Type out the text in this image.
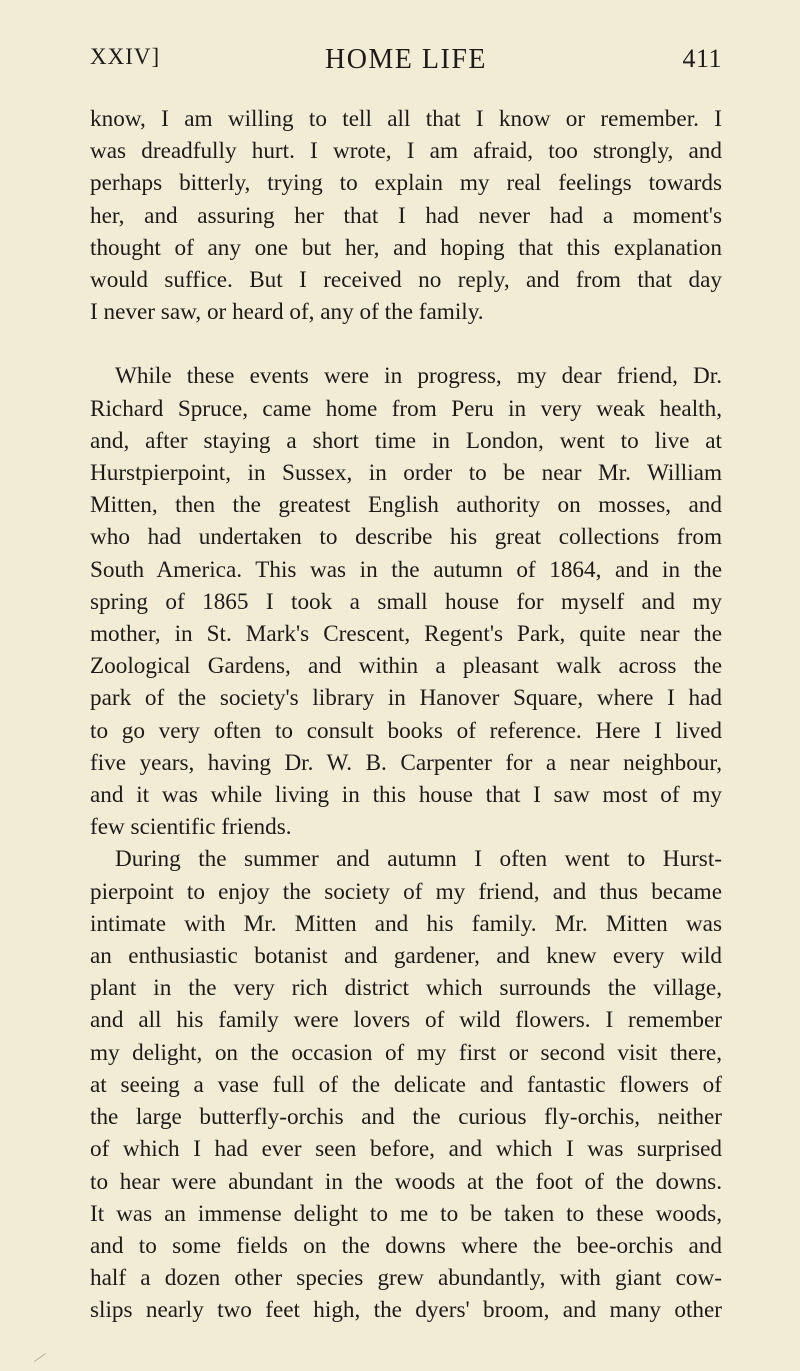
XXIV]	HOME LIFE	411
know, I am willing to tell all that I know or remember. I
was dreadfully hurt. I wrote, I am afraid, too strongly, and
perhaps bitterly, trying to explain my real feelings towards
her, and assuring her that I had never had a moment's
thought of any one but her, and hoping that this explanation
would suffice. But I received no reply, and from that day
I never saw, or heard of, any of the family.
While these events were in progress, my dear friend, Dr.
Richard Spruce, came home from Peru in very weak health,
and, after staying a short time in London, went to live at
Hurstpierpoint, in Sussex, in order to be near Mr. William
Mitten, then the greatest English authority on mosses, and
who had undertaken to describe his great collections from
South America. This was in the autumn of 1864, and in the
spring of 1865 I took a small house for myself and my
mother, in St. Mark's Crescent, Regent's Park, quite near the
Zoological Gardens, and within a pleasant walk across the
park of the society's library in Hanover Square, where I had
to go very often to consult books of reference. Here I lived
five years, having Dr. W. B. Carpenter for a near neighbour,
and it was while living in this house that I saw most of my
few scientific friends.
During the summer and autumn I often went to Hurst-
pierpoint to enjoy the society of my friend, and thus became
intimate with Mr. Mitten and his family. Mr. Mitten was
an enthusiastic botanist and gardener, and knew every wild
plant in the very rich district which surrounds the village,
and all his family were lovers of wild flowers. I remember
my delight, on the occasion of my first or second visit there,
at seeing a vase full of the delicate and fantastic flowers of
the large butterfly-orchis and the curious fly-orchis, neither
of which I had ever seen before, and which I was surprised
to hear were abundant in the woods at the foot of the downs.
It was an immense delight to me to be taken to these woods,
and to some fields on the downs where the bee-orchis and
half a dozen other species grew abundantly, with giant cow-
slips nearly two feet high, the dyers' broom, and many other
